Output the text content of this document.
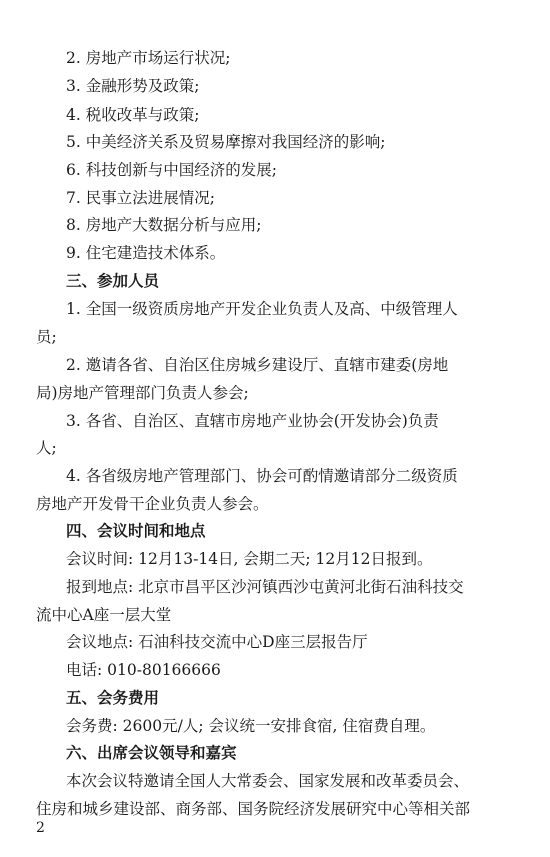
2. 房地产市场运行状况;
3. 金融形势及政策;
4. 税收改革与政策;
5. 中美经济关系及贸易摩擦对我国经济的影响;
6. 科技创新与中国经济的发展;
7. 民事立法进展情况;
8. 房地产大数据分析与应用;
9. 住宅建造技术体系。
三、参加人员
1. 全国一级资质房地产开发企业负责人及高、中级管理人
员;
2. 邀请各省、自治区住房城乡建设厅、直辖市建委(房地
局)房地产管理部门负责人参会;
3. 各省、自治区、直辖市房地产业协会(开发协会)负责
人;
4. 各省级房地产管理部门、协会可酌情邀请部分二级资质
房地产开发骨干企业负责人参会。
四、会议时间和地点
会议时间: 12月13-14日, 会期二天; 12月12日报到。
报到地点: 北京市昌平区沙河镇西沙屯黄河北街石油科技交
流中心A座一层大堂
会议地点: 石油科技交流中心D座三层报告厅
电话: 010-80166666
五、会务费用
会务费: 2600元/人; 会议统一安排食宿, 住宿费自理。
六、出席会议领导和嘉宾
本次会议特邀请全国人大常委会、国家发展和改革委员会、
住房和城乡建设部、商务部、国务院经济发展研究中心等相关部
2
